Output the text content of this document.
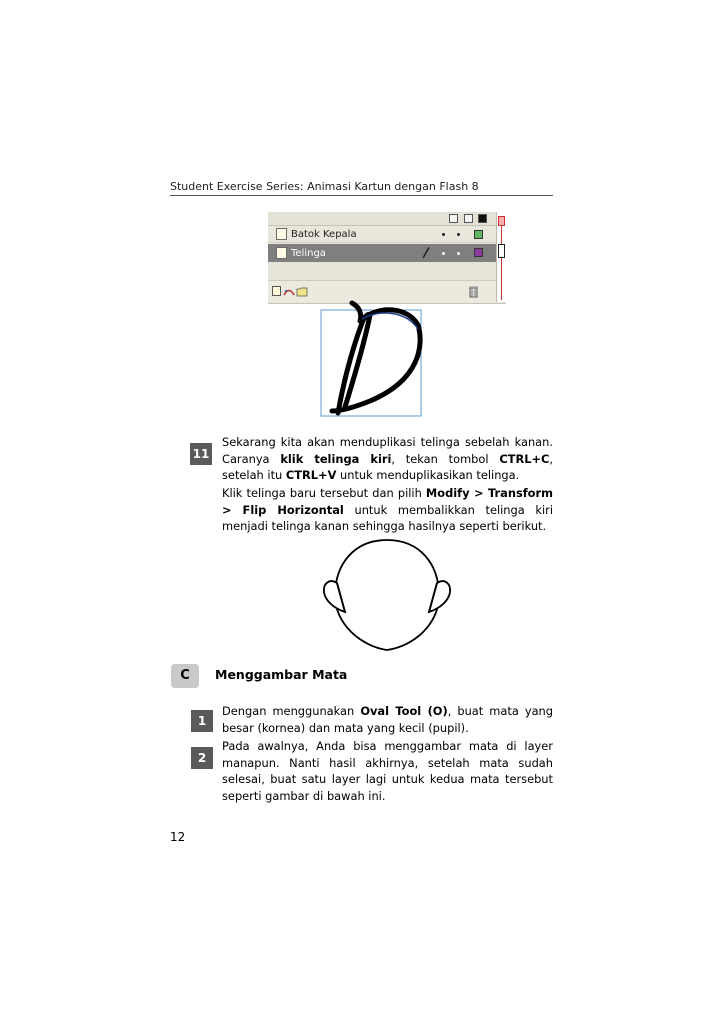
Student Exercise Series: Animasi Kartun dengan Flash 8
Batok Kepala
Telinga
11
Sekarang kita akan menduplikasi telinga sebelah kanan. Caranya klik telinga kiri, tekan tombol CTRL+C, setelah itu CTRL+V untuk menduplikasikan telinga.
Klik telinga baru tersebut dan pilih Modify > Transform > Flip Horizontal untuk membalikkan telinga kiri menjadi telinga kanan sehingga hasilnya seperti berikut.
C	Menggambar Mata
1
Dengan menggunakan Oval Tool (O), buat mata yang besar (kornea) dan mata yang kecil (pupil).
2
Pada awalnya, Anda bisa menggambar mata di layer manapun. Nanti hasil akhirnya, setelah mata sudah selesai, buat satu layer lagi untuk kedua mata tersebut seperti gambar di bawah ini.
12
